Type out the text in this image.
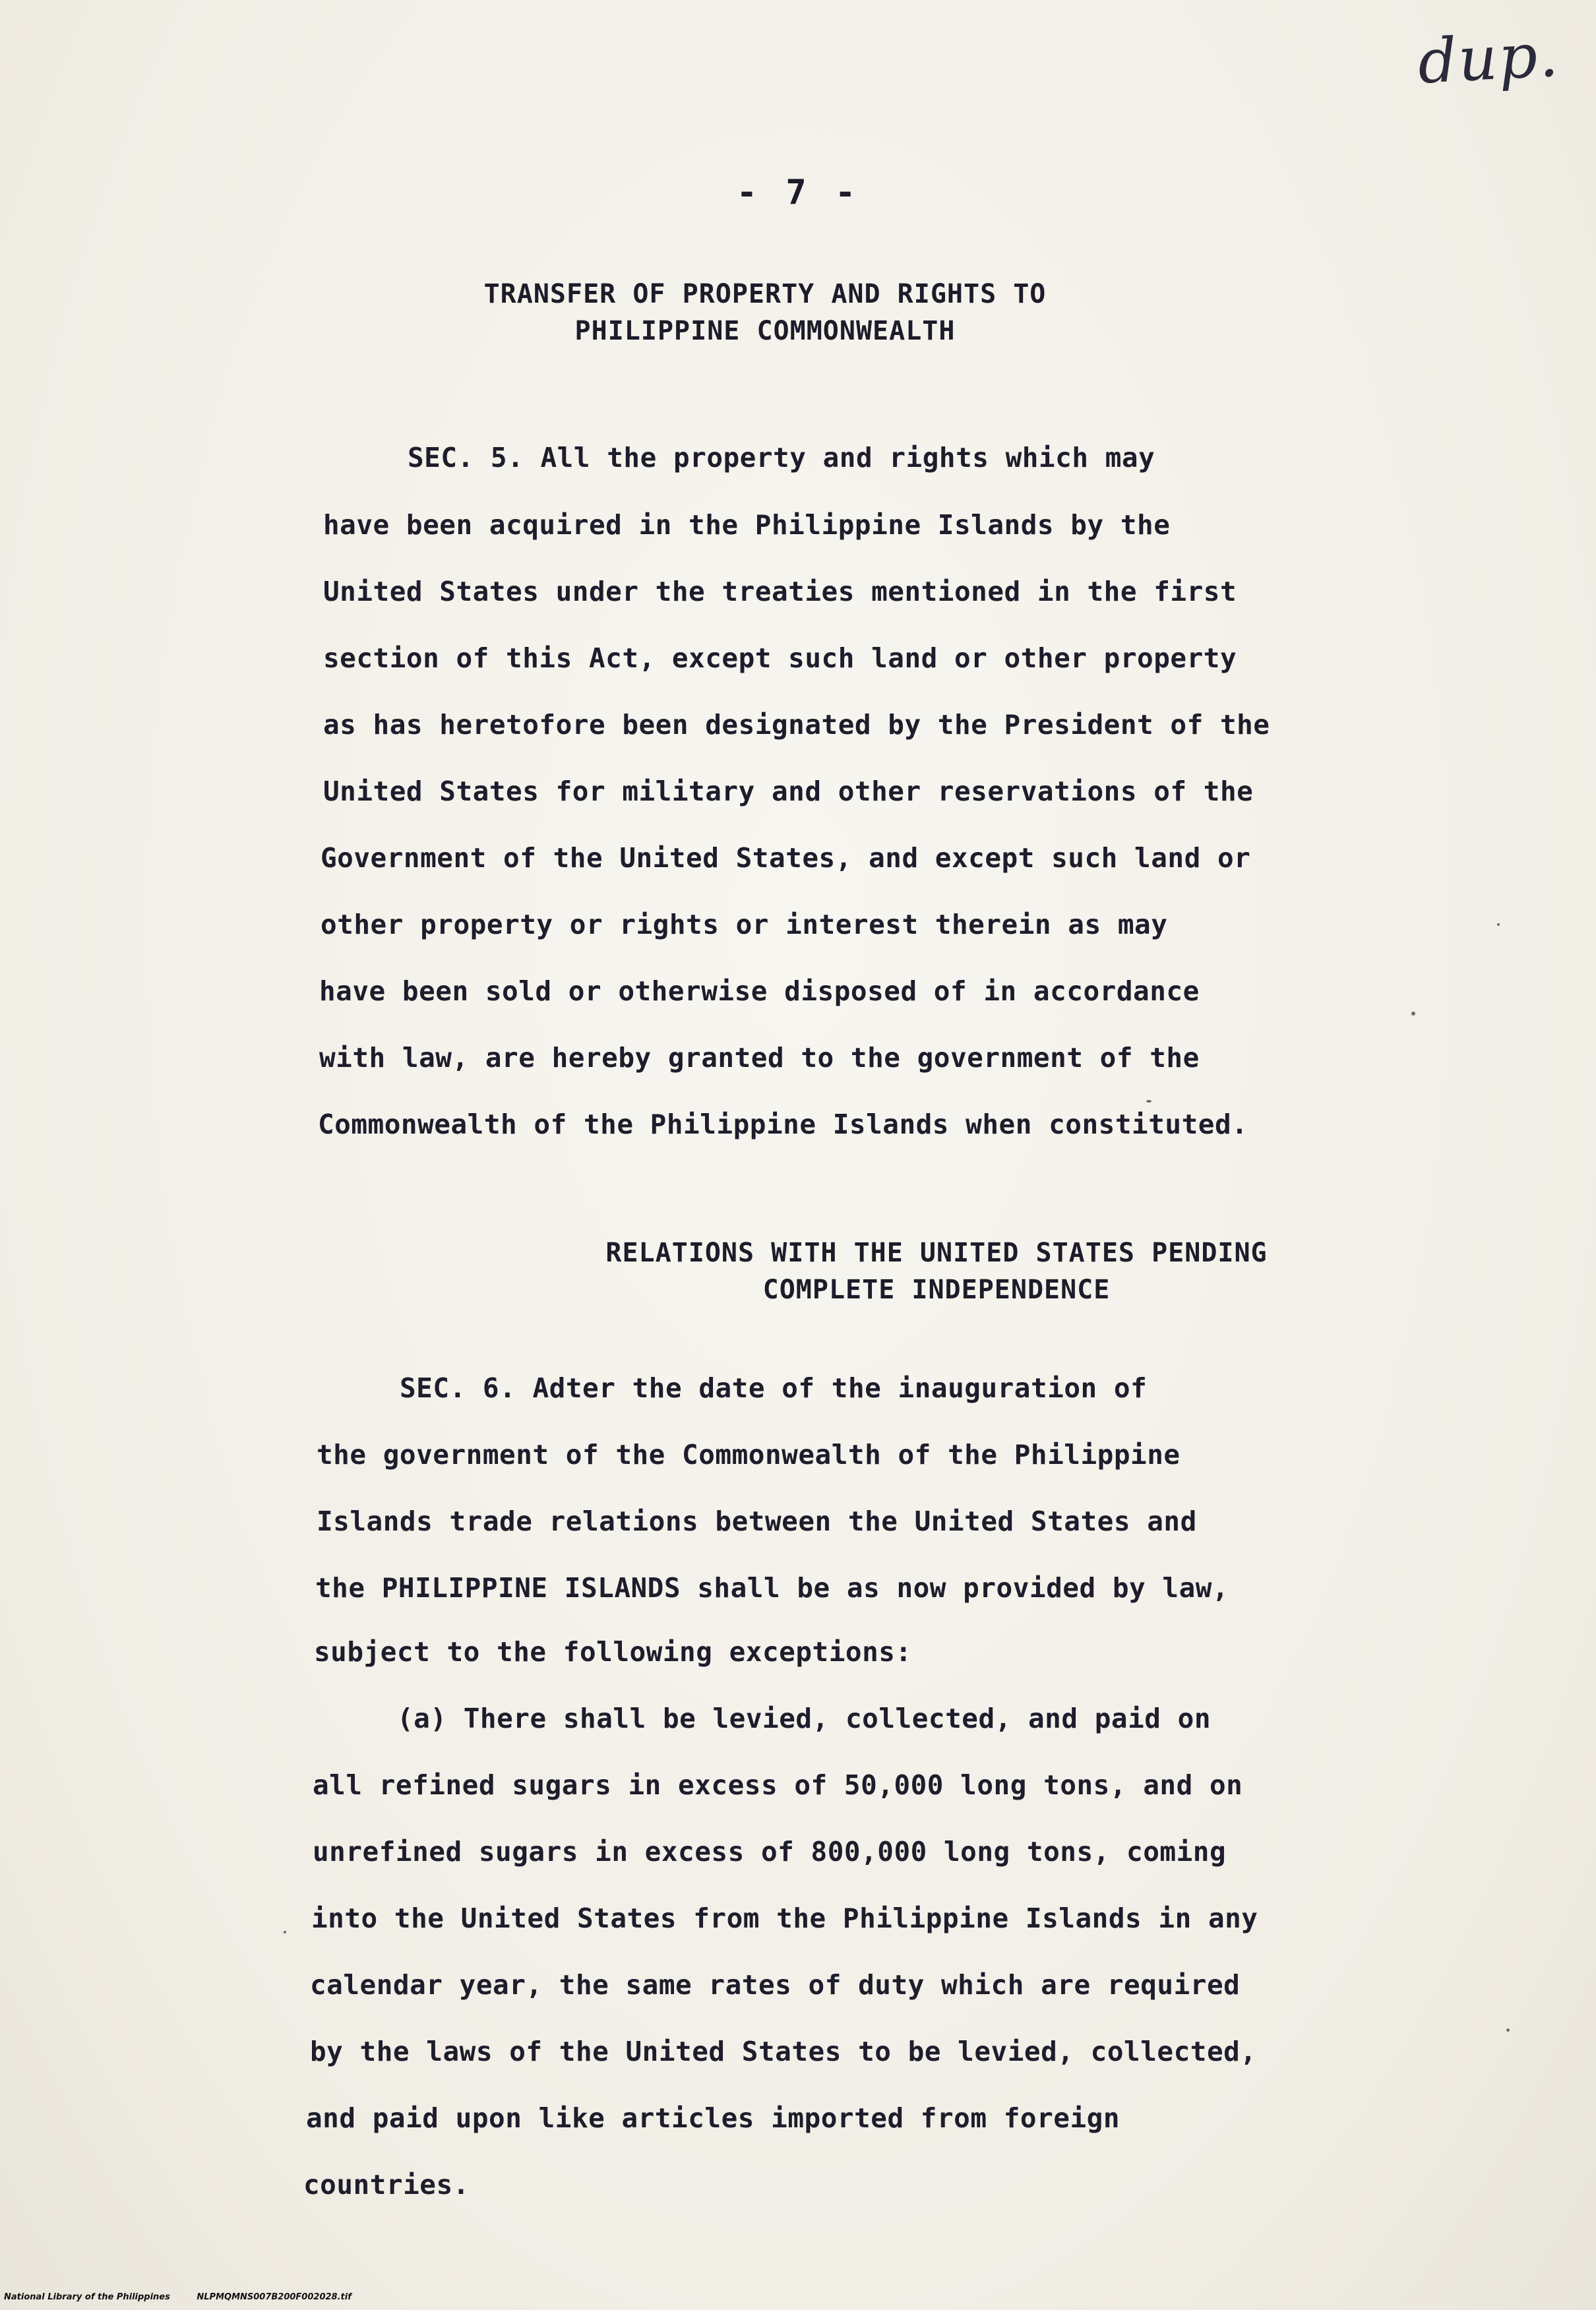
dup.
- 7 -
TRANSFER OF PROPERTY AND RIGHTS TO
PHILIPPINE COMMONWEALTH
SEC. 5. All the property and rights which may
have been acquired in the Philippine Islands by the
United States under the treaties mentioned in the first
section of this Act, except such land or other property
as has heretofore been designated by the President of the
United States for military and other reservations of the
Government of the United States, and except such land or
other property or rights or interest therein as may
have been sold or otherwise disposed of in accordance
with law, are hereby granted to the government of the
Commonwealth of the Philippine Islands when constituted.
RELATIONS WITH THE UNITED STATES PENDING
COMPLETE INDEPENDENCE
SEC. 6. Adter the date of the inauguration of
the government of the Commonwealth of the Philippine
Islands trade relations between the United States and
the PHILIPPINE ISLANDS shall be as now provided by law,
subject to the following exceptions:
(a) There shall be levied, collected, and paid on
all refined sugars in excess of 50,000 long tons, and on
unrefined sugars in excess of 800,000 long tons, coming
into the United States from the Philippine Islands in any
calendar year, the same rates of duty which are required
by the laws of the United States to be levied, collected,
and paid upon like articles imported from foreign
countries.
National Library of the Philippines	NLPMQMNS007B200F002028.tif
